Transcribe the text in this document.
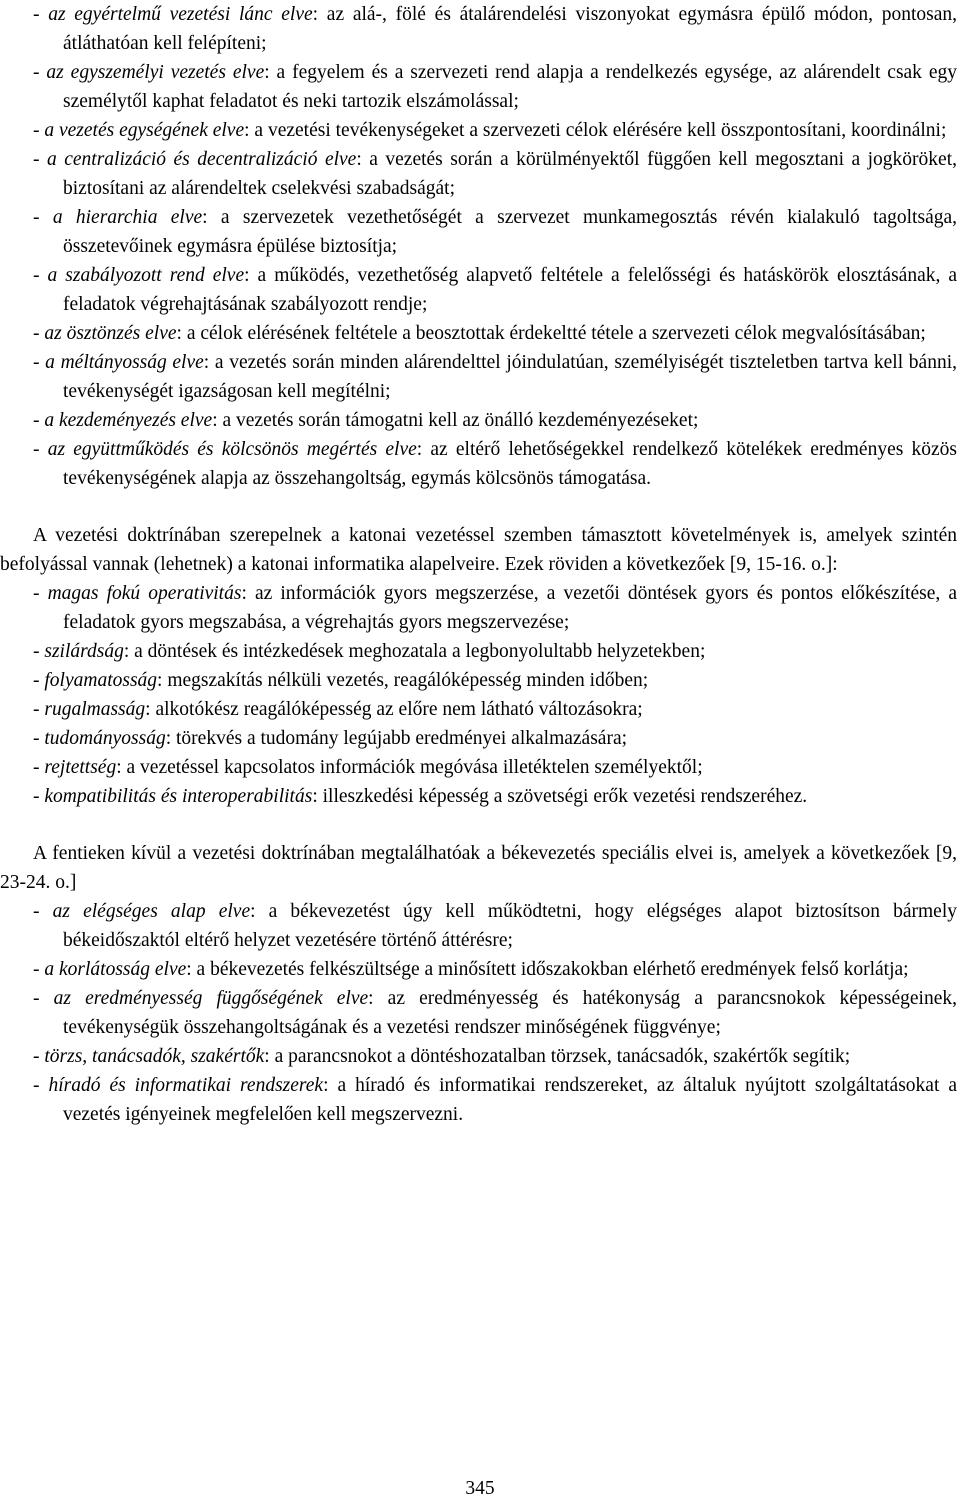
- az egyértelmű vezetési lánc elve: az alá-, fölé és átalárendelési viszonyokat egymásra épülő módon, pontosan, átláthatóan kell felépíteni;

- az egyszemélyi vezetés elve: a fegyelem és a szervezeti rend alapja a rendelkezés egysége, az alárendelt csak egy személytől kaphat feladatot és neki tartozik elszámolással;

- a vezetés egységének elve: a vezetési tevékenységeket a szervezeti célok elérésére kell összpontosítani, koordinálni;

- a centralizáció és decentralizáció elve: a vezetés során a körülményektől függően kell megosztani a jogköröket, biztosítani az alárendeltek cselekvési szabadságát;

- a hierarchia elve: a szervezetek vezethetőségét a szervezet munkamegosztás révén kialakuló tagoltsága, összetevőinek egymásra épülése biztosítja;

- a szabályozott rend elve: a működés, vezethetőség alapvető feltétele a felelősségi és hatáskörök elosztásának, a feladatok végrehajtásának szabályozott rendje;

- az ösztönzés elve: a célok elérésének feltétele a beosztottak érdekeltté tétele a szervezeti célok megvalósításában;

- a méltányosság elve: a vezetés során minden alárendelttel jóindulatúan, személyiségét tiszteletben tartva kell bánni, tevékenységét igazságosan kell megítélni;

- a kezdeményezés elve: a vezetés során támogatni kell az önálló kezdeményezéseket;

- az együttműködés és kölcsönös megértés elve: az eltérő lehetőségekkel rendelkező kötelékek eredményes közös tevékenységének alapja az összehangoltság, egymás kölcsönös támogatása.

A vezetési doktrínában szerepelnek a katonai vezetéssel szemben támasztott követelmények is, amelyek szintén befolyással vannak (lehetnek) a katonai informatika alapelveire. Ezek röviden a következőek [9, 15-16. o.]:

- magas fokú operativitás: az információk gyors megszerzése, a vezetői döntések gyors és pontos előkészítése, a feladatok gyors megszabása, a végrehajtás gyors megszervezése;

- szilárdság: a döntések és intézkedések meghozatala a legbonyolultabb helyzetekben;

- folyamatosság: megszakítás nélküli vezetés, reagálóképesség minden időben;

- rugalmasság: alkotókész reagálóképesség az előre nem látható változásokra;

- tudományosság: törekvés a tudomány legújabb eredményei alkalmazására;

- rejtettség: a vezetéssel kapcsolatos információk megóvása illetéktelen személyektől;

- kompatibilitás és interoperabilitás: illeszkedési képesség a szövetségi erők vezetési rendszeréhez.

A fentieken kívül a vezetési doktrínában megtalálhatóak a békevezetés speciális elvei is, amelyek a következőek [9, 23-24. o.]

- az elégséges alap elve: a békevezetést úgy kell működtetni, hogy elégséges alapot biztosítson bármely békeidőszaktól eltérő helyzet vezetésére történő áttérésre;

- a korlátosság elve: a békevezetés felkészültsége a minősített időszakokban elérhető eredmények felső korlátja;

- az eredményesség függőségének elve: az eredményesség és hatékonyság a parancsnokok képességeinek, tevékenységük összehangoltságának és a vezetési rendszer minőségének függvénye;

- törzs, tanácsadók, szakértők: a parancsnokot a döntéshozatalban törzsek, tanácsadók, szakértők segítik;

- híradó és informatikai rendszerek: a híradó és informatikai rendszereket, az általuk nyújtott szolgáltatásokat a vezetés igényeinek megfelelően kell megszervezni.

345
